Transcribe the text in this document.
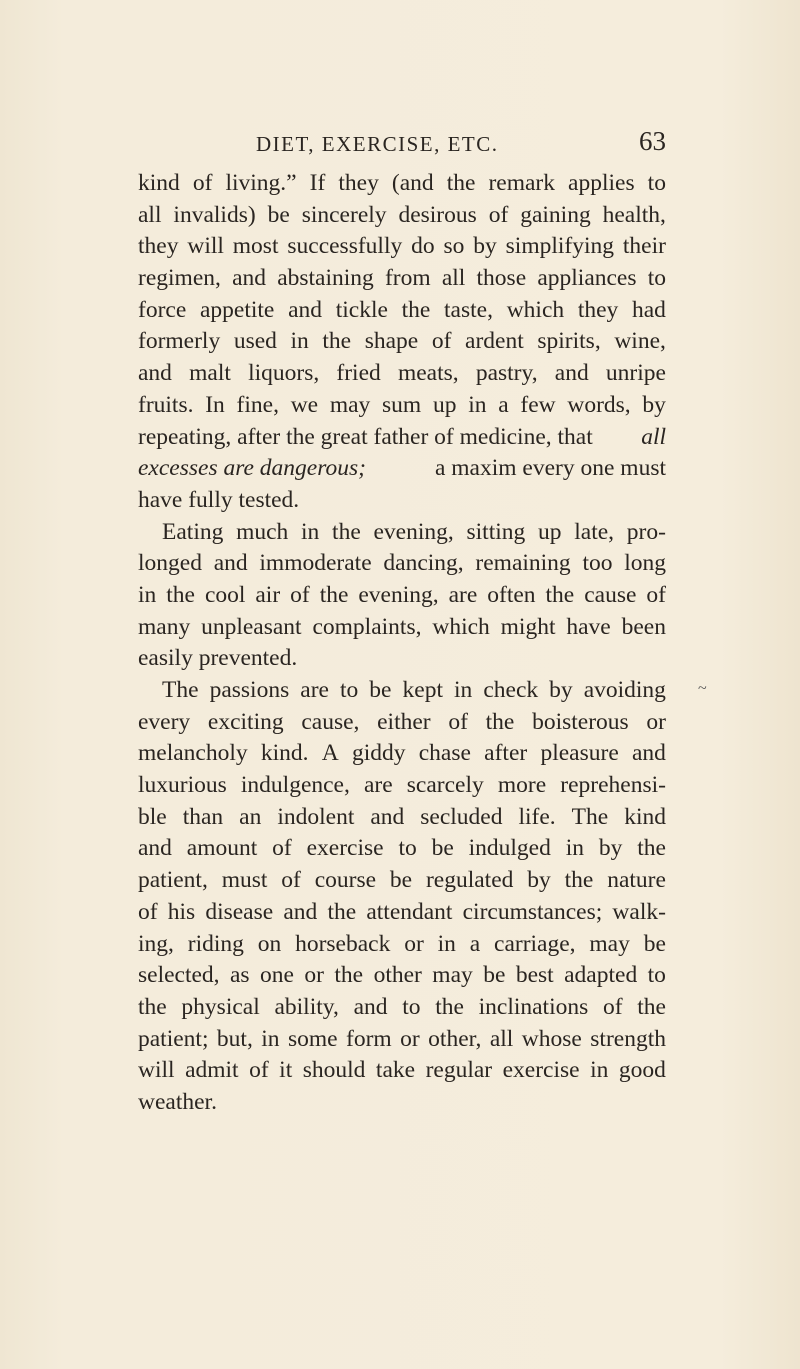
DIET, EXERCISE, ETC.	63
kind of living.” If they (and the remark applies to
all invalids) be sincerely desirous of gaining health,
they will most successfully do so by simplifying their
regimen, and abstaining from all those appliances to
force appetite and tickle the taste, which they had
formerly used in the shape of ardent spirits, wine,
and malt liquors, fried meats, pastry, and unripe
fruits. In fine, we may sum up in a few words, by
repeating, after the great father of medicine, that all
excesses are dangerous;	a maxim every one must
have fully tested.
Eating much in the evening, sitting up late, pro-
longed and immoderate dancing, remaining too long
in the cool air of the evening, are often the cause of
many unpleasant complaints, which might have been
easily prevented.
The passions are to be kept in check by avoiding
every exciting cause, either of the boisterous or
melancholy kind. A giddy chase after pleasure and
luxurious indulgence, are scarcely more reprehensi-
ble than an indolent and secluded life. The kind
and amount of exercise to be indulged in by the
patient, must of course be regulated by the nature
of his disease and the attendant circumstances; walk-
ing, riding on horseback or in a carriage, may be
selected, as one or the other may be best adapted to
the physical ability, and to the inclinations of the
patient; but, in some form or other, all whose strength
will admit of it should take regular exercise in good
weather.
~
